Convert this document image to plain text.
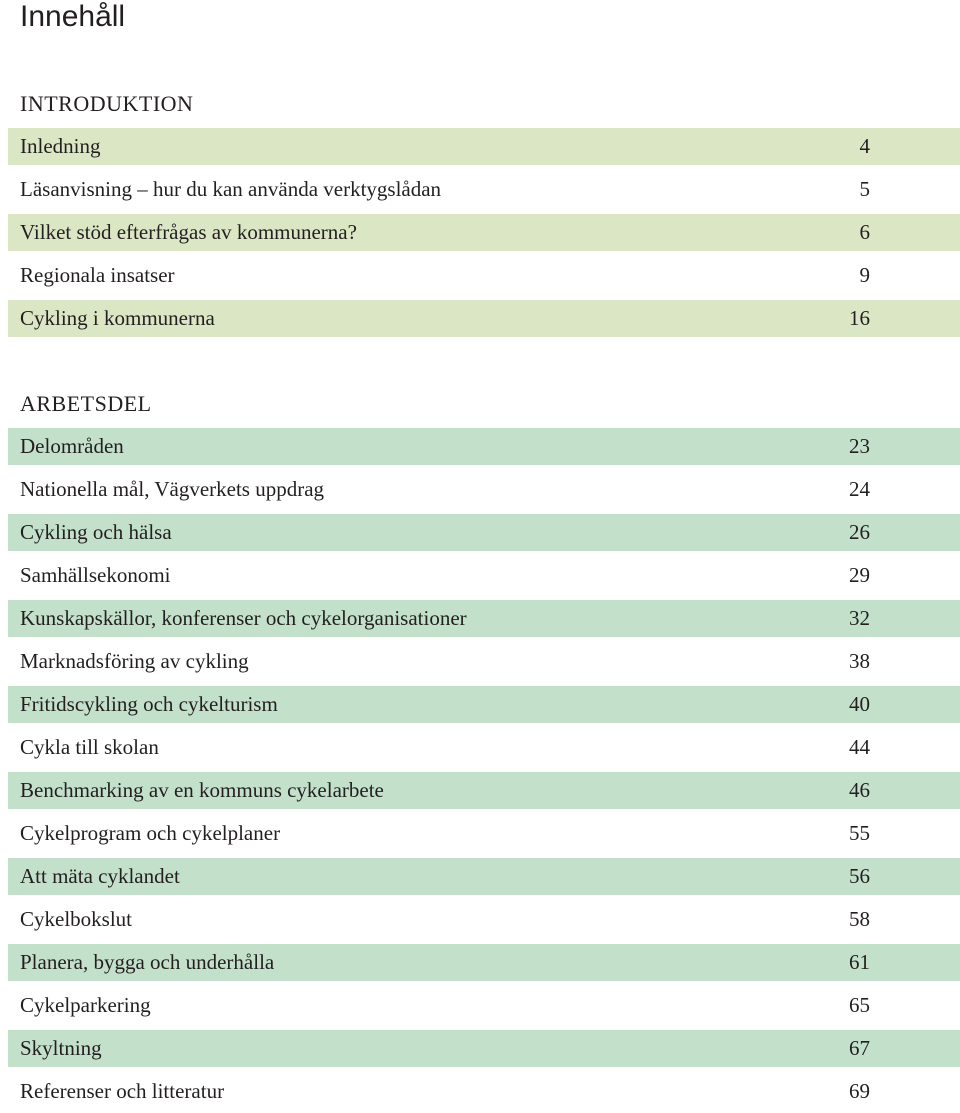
Innehåll
INTRODUKTION
Inledning	4
Läsanvisning – hur du kan använda verktygslådan	5
Vilket stöd efterfrågas av kommunerna?	6
Regionala insatser	9
Cykling i kommunerna	16
ARBETSDEL
Delområden	23
Nationella mål, Vägverkets uppdrag	24
Cykling och hälsa	26
Samhällsekonomi	29
Kunskapskällor, konferenser och cykelorganisationer	32
Marknadsföring av cykling	38
Fritidscykling och cykelturism	40
Cykla till skolan	44
Benchmarking av en kommuns cykelarbete	46
Cykelprogram och cykelplaner	55
Att mäta cyklandet	56
Cykelbokslut	58
Planera, bygga och underhålla	61
Cykelparkering	65
Skyltning	67
Referenser och litteratur	69
